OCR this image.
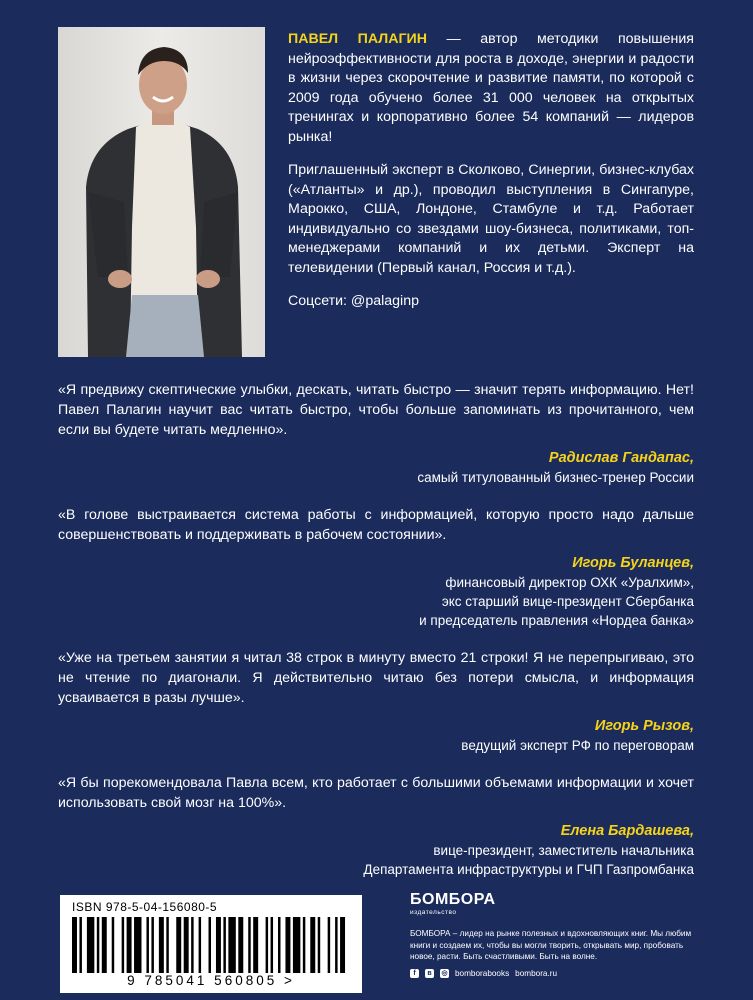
ПАВЕЛ ПАЛАГИН — автор методики повышения нейроэффективности для роста в доходе, энергии и радости в жизни через скорочтение и развитие памяти, по которой с 2009 года обучено более 31 000 человек на открытых тренингах и корпоративно более 54 компаний — лидеров рынка!

Приглашенный эксперт в Сколково, Синергии, бизнес-клубах («Атланты» и др.), проводил выступления в Сингапуре, Марокко, США, Лондоне, Стамбуле и т.д. Работает индивидуально со звездами шоу-бизнеса, политиками, топ-менеджерами компаний и их детьми. Эксперт на телевидении (Первый канал, Россия и т.д.).

Соцсети: @palaginp

«Я предвижу скептические улыбки, дескать, читать быстро — значит терять информацию. Нет! Павел Палагин научит вас читать быстро, чтобы больше запоминать из прочитанного, чем если вы будете читать медленно».

Радислав Гандапас,
самый титулованный бизнес-тренер России

«В голове выстраивается система работы с информацией, которую просто надо дальше совершенствовать и поддерживать в рабочем состоянии».

Игорь Буланцев,
финансовый директор ОХК «Уралхим»,
экс старший вице-президент Сбербанка
и председатель правления «Нордеа банка»

«Уже на третьем занятии я читал 38 строк в минуту вместо 21 строки! Я не перепрыгиваю, это не чтение по диагонали. Я действительно читаю без потери смысла, и информация усваивается в разы лучше».

Игорь Рызов,
ведущий эксперт РФ по переговорам

«Я бы порекомендовала Павла всем, кто работает с большими объемами информации и хочет использовать свой мозг на 100%».

Елена Бардашева,
вице-президент, заместитель начальника
Департамента инфраструктуры и ГЧП Газпромбанка
ISBN 978-5-04-156080-5
9 785041 560805 >
БОМБОРА
издательство
БОМБОРА – лидер на рынке полезных и вдохновляющих книг. Мы любим книги и создаем их, чтобы вы могли творить, открывать мир, пробовать новое, расти. Быть счастливыми. Быть на волне.
f	в	◎ bomborabooks bombora.ru
